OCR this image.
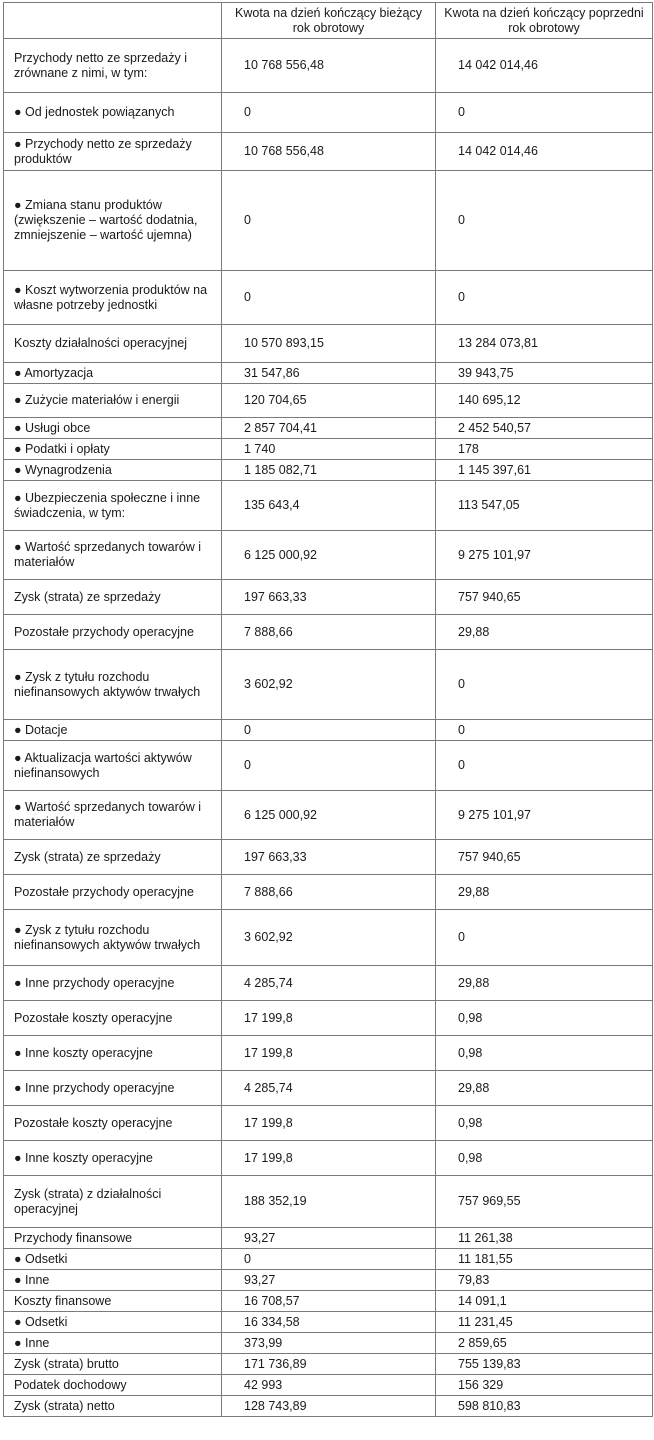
	Kwota na dzień kończący bieżący rok obrotowy	Kwota na dzień kończący poprzedni rok obrotowy
Przychody netto ze sprzedaży i zrównane z nimi, w tym:	10 768 556,48	14 042 014,46
● Od jednostek powiązanych	0	0
● Przychody netto ze sprzedaży produktów	10 768 556,48	14 042 014,46
● Zmiana stanu produktów (zwiększenie – wartość dodatnia, zmniejszenie – wartość ujemna)	0	0
● Koszt wytworzenia produktów na własne potrzeby jednostki	0	0
Koszty działalności operacyjnej	10 570 893,15	13 284 073,81
● Amortyzacja	31 547,86	39 943,75
● Zużycie materiałów i energii	120 704,65	140 695,12
● Usługi obce	2 857 704,41	2 452 540,57
● Podatki i opłaty	1 740	178
● Wynagrodzenia	1 185 082,71	1 145 397,61
● Ubezpieczenia społeczne i inne świadczenia, w tym:	135 643,4	113 547,05
● Wartość sprzedanych towarów i materiałów	6 125 000,92	9 275 101,97
Zysk (strata) ze sprzedaży	197 663,33	757 940,65
Pozostałe przychody operacyjne	7 888,66	29,88
● Zysk z tytułu rozchodu niefinansowych aktywów trwałych	3 602,92	0
● Dotacje	0	0
● Aktualizacja wartości aktywów niefinansowych	0	0
● Wartość sprzedanych towarów i materiałów	6 125 000,92	9 275 101,97
Zysk (strata) ze sprzedaży	197 663,33	757 940,65
Pozostałe przychody operacyjne	7 888,66	29,88
● Zysk z tytułu rozchodu niefinansowych aktywów trwałych	3 602,92	0
● Inne przychody operacyjne	4 285,74	29,88
Pozostałe koszty operacyjne	17 199,8	0,98
● Inne koszty operacyjne	17 199,8	0,98
● Inne przychody operacyjne	4 285,74	29,88
Pozostałe koszty operacyjne	17 199,8	0,98
● Inne koszty operacyjne	17 199,8	0,98
Zysk (strata) z działalności operacyjnej	188 352,19	757 969,55
Przychody finansowe	93,27	11 261,38
● Odsetki	0	11 181,55
● Inne	93,27	79,83
Koszty finansowe	16 708,57	14 091,1
● Odsetki	16 334,58	11 231,45
● Inne	373,99	2 859,65
Zysk (strata) brutto	171 736,89	755 139,83
Podatek dochodowy	42 993	156 329
Zysk (strata) netto	128 743,89	598 810,83
